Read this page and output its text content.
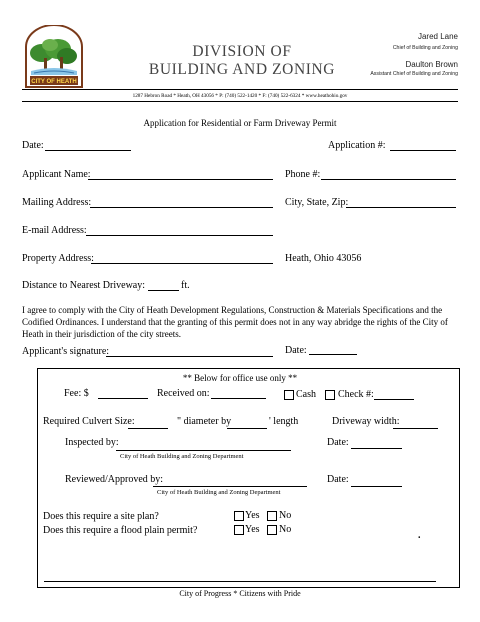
CITY OF HEATH
DIVISION OF
BUILDING AND ZONING
Jared Lane
Chief of Building and Zoning
Daulton Brown
Assistant Chief of Building and Zoning
1287 Hebron Road * Heath, OH 43056 * P: (740) 522-1420 * F: (740) 522-6324 * www.heathohio.gov
Application for Residential or Farm Driveway Permit
Date:	Application #:
Applicant Name:	Phone #:
Mailing Address:	City, State, Zip:
E-mail Address:
Property Address:	Heath, Ohio 43056
Distance to Nearest Driveway:	ft.
I agree to comply with the City of Heath Development Regulations, Construction & Materials Specifications and the Codified Ordinances. I understand that the granting of this permit does not in any way abridge the rights of the City of Heath in their jurisdiction of the city streets.
Applicant's signature:	Date:
** Below for office use only **
Fee: $	Received on:	Cash Check #:
Required Culvert Size:	" diameter by	' length	Driveway width:
Inspected by:
City of Heath Building and Zoning Department
Date:
Reviewed/Approved by:
City of Heath Building and Zoning Department
Date:
Does this require a site plan?	Yes No
Does this require a flood plain permit?	Yes No
.
City of Progress * Citizens with Pride
